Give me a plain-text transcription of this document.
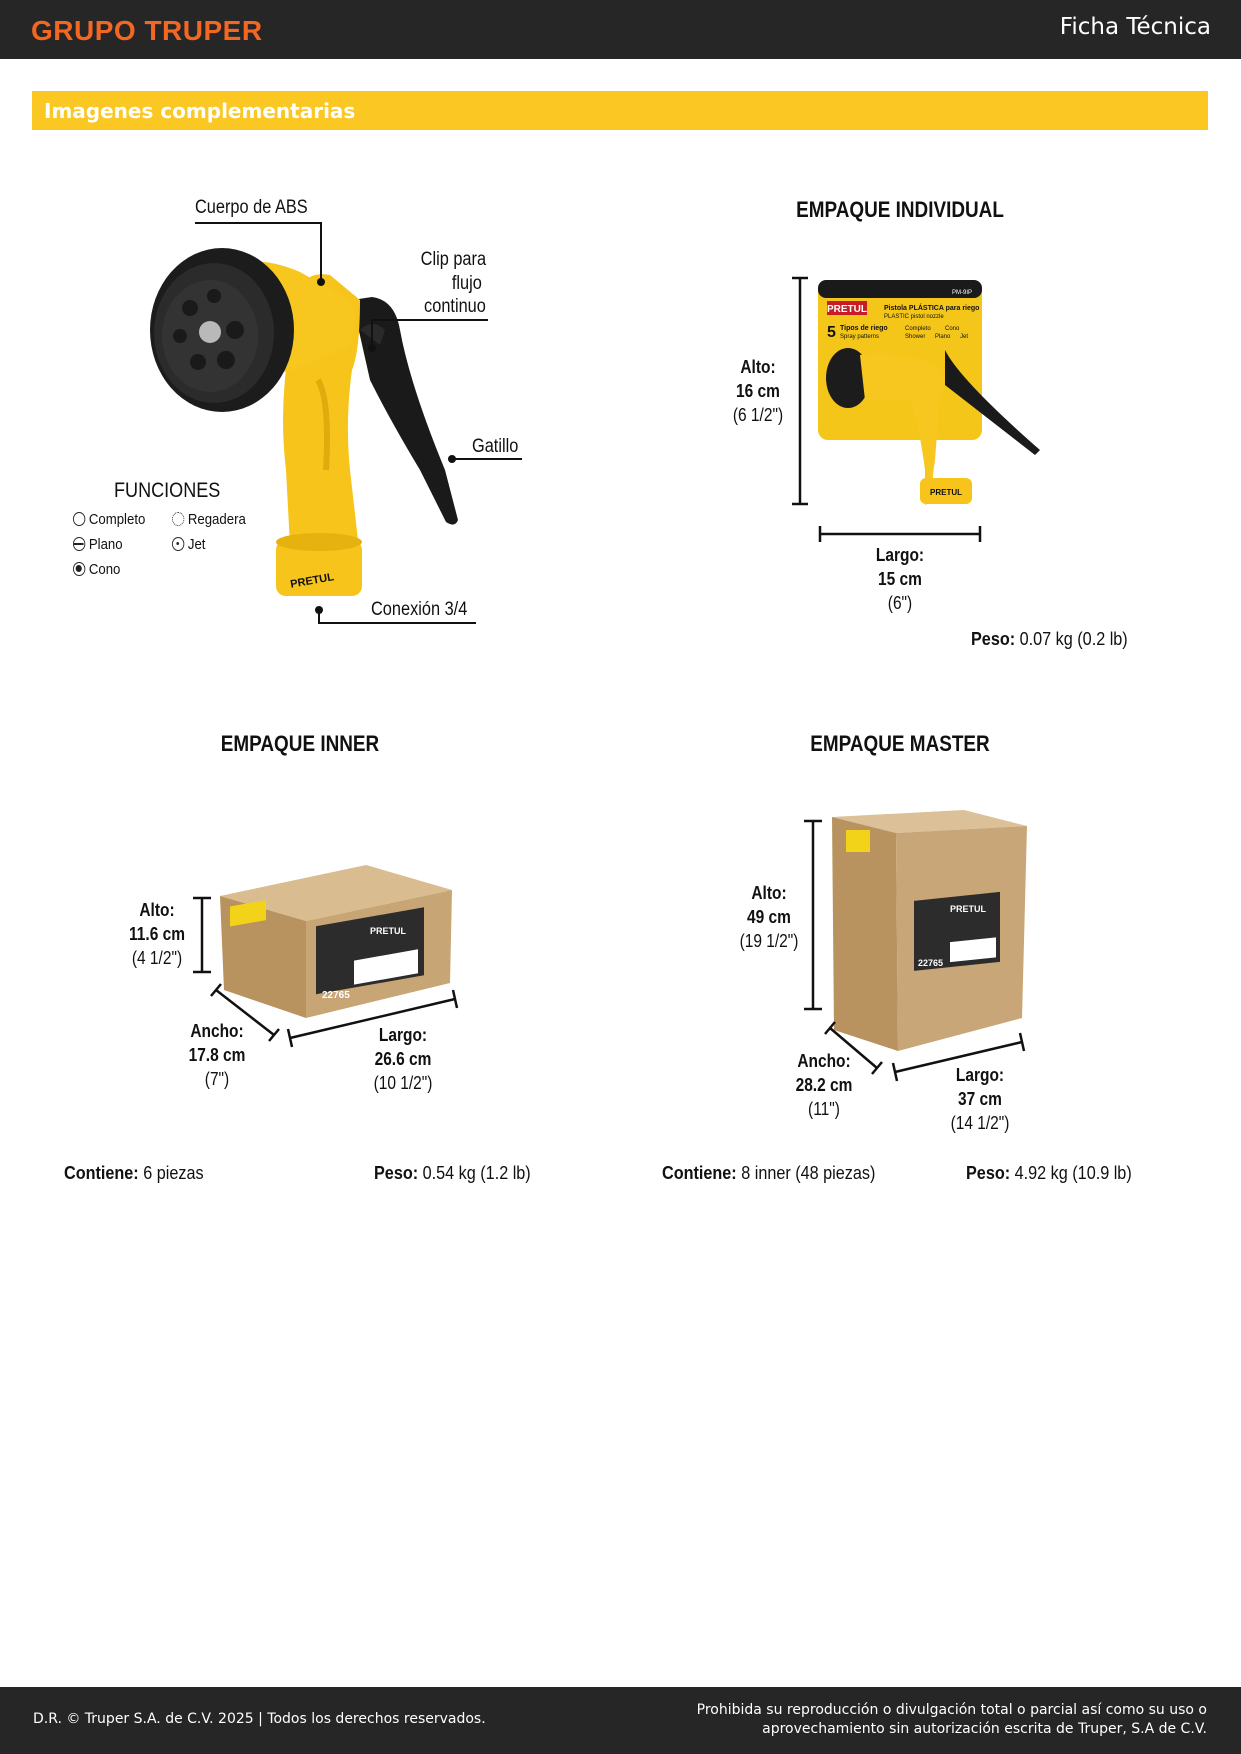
GRUPO TRUPER	Ficha Técnica
Imagenes complementarias
PRETUL
PRETUL
PM-9IP
Pistola PLÁSTICA para riego
PLASTIC pistol nozzle
5 Tipos de riego
Spray patterns
Completo Cono
Shower Plano Jet
PRETUL
PRETUL
22765
PRETUL
22765
Cuerpo de ABS
Clip para
flujo
continuo
Gatillo
Conexión 3/4
FUNCIONES
Completo	Regadera
Plano	Jet
Cono
EMPAQUE INDIVIDUAL
Alto:
16 cm
(6 1/2")
Largo:
15 cm
(6")
Peso: 0.07 kg (0.2 lb)
EMPAQUE INNER
Alto:
11.6 cm
(4 1/2")
Ancho:
17.8 cm
(7")
Largo:
26.6 cm
(10 1/2")
Contiene: 6 piezas	Peso: 0.54 kg (1.2 lb)
EMPAQUE MASTER
Alto:
49 cm
(19 1/2")
Ancho:
28.2 cm
(11")
Largo:
37 cm
(14 1/2")
Contiene: 8 inner (48 piezas)	Peso: 4.92 kg (10.9 lb)
D.R. © Truper S.A. de C.V. 2025 | Todos los derechos reservados.
Prohibida su reproducción o divulgación total o parcial así como su uso o
aprovechamiento sin autorización escrita de Truper, S.A de C.V.
